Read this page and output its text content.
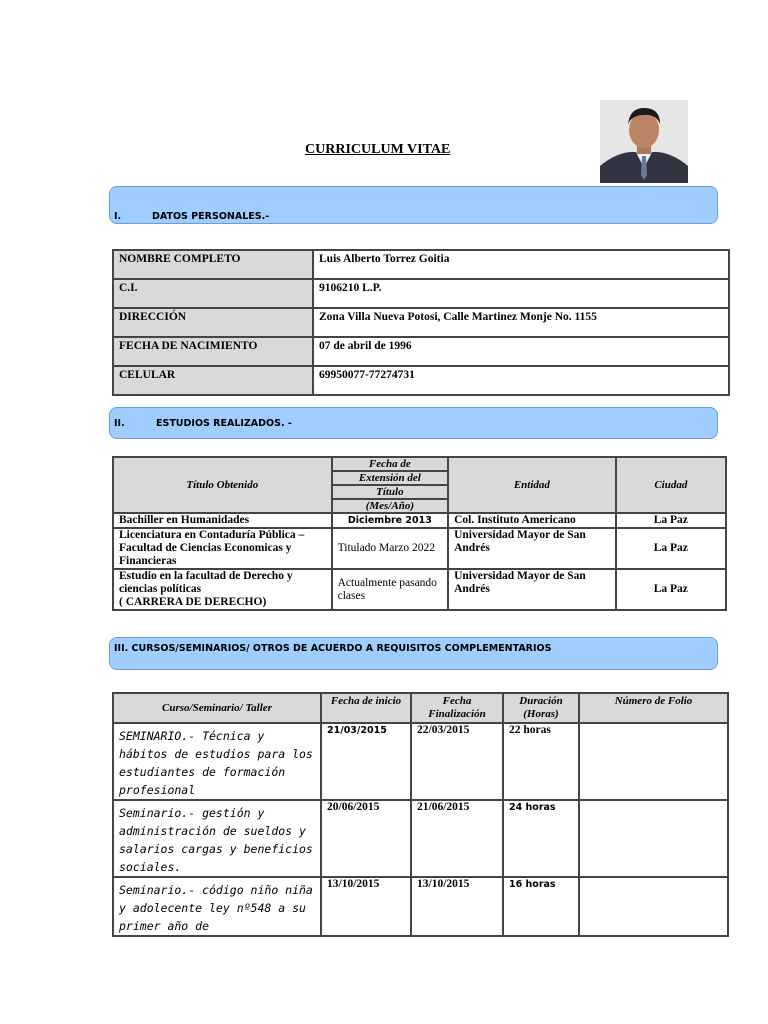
CURRICULUM VITAE
I.	DATOS PERSONALES.-
NOMBRE COMPLETO	Luis Alberto Torrez Goitia
C.I.	9106210 L.P.
DIRECCIÓN	Zona Villa Nueva Potosi, Calle Martinez Monje No. 1155
FECHA DE NACIMIENTO	07 de abril de 1996
CELULAR	69950077-77274731
II.	ESTUDIOS REALIZADOS. -
Título Obtenido	Fecha de
Extensión del
Título
(Mes/Año)	Entidad	Ciudad
Bachiller en Humanidades	Diciembre 2013	Col. Instituto Americano	La Paz
Licenciatura en Contaduría Pública – Facultad de Ciencias Economicas y Financieras	Titulado Marzo 2022	Universidad Mayor de San Andrés	La Paz

Estudio en la facultad de Derecho y ciencias políticas
( CARRERA DE DERECHO)	Actualmente pasando clases	Universidad Mayor de San Andrés	La Paz
III. CURSOS/SEMINARIOS/ OTROS DE ACUERDO A REQUISITOS COMPLEMENTARIOS
Curso/Seminario/ Taller	Fecha de inicio	Fecha Finalización	Duración (Horas)	Número de Folio
SEMINARIO.- Técnica y hábitos de estudios para los estudiantes de formación profesional	21/03/2015	22/03/2015	22 horas	
Seminario.- gestión y administración de sueldos y salarios cargas y beneficios sociales.	20/06/2015	21/06/2015	24 horas	
Seminario.- código niño niña y adolecente ley nº548 a su primer año de	13/10/2015	13/10/2015	16 horas	
